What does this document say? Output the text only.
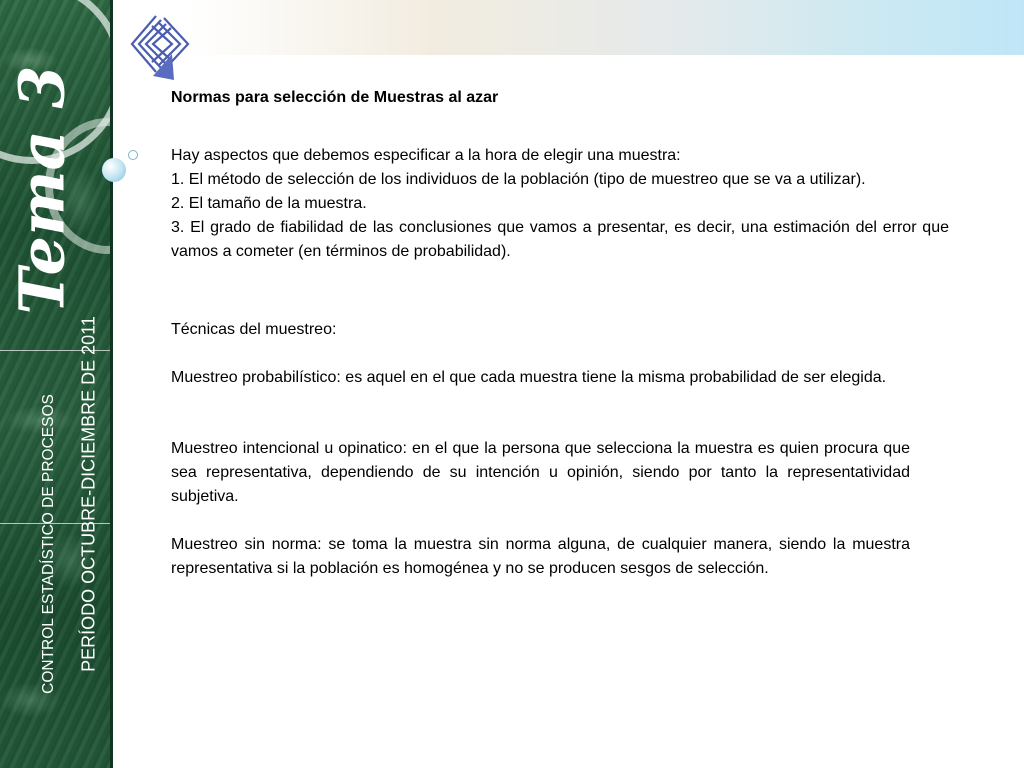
Tema 3
CONTROL ESTADÍSTICO DE PROCESOS PERÍODO OCTUBRE-DICIEMBRE DE 2011
Normas para selección de Muestras al azar

Hay aspectos que debemos especificar a la hora de elegir una muestra:

1. El método de selección de los individuos de la población (tipo de muestreo que se va a utilizar).

2. El tamaño de la muestra.

3. El grado de fiabilidad de las conclusiones que vamos a presentar, es decir, una estimación del error que vamos a cometer (en términos de probabilidad).

Técnicas del muestreo:

Muestreo probabilístico: es aquel en el que cada muestra tiene la misma probabilidad de ser elegida.

Muestreo intencional u opinatico: en el que la persona que selecciona la muestra es quien procura que sea representativa, dependiendo de su intención u opinión, siendo por tanto la representatividad subjetiva.

Muestreo sin norma: se toma la muestra sin norma alguna, de cualquier manera, siendo la muestra representativa si la población es homogénea y no se producen sesgos de selección.
